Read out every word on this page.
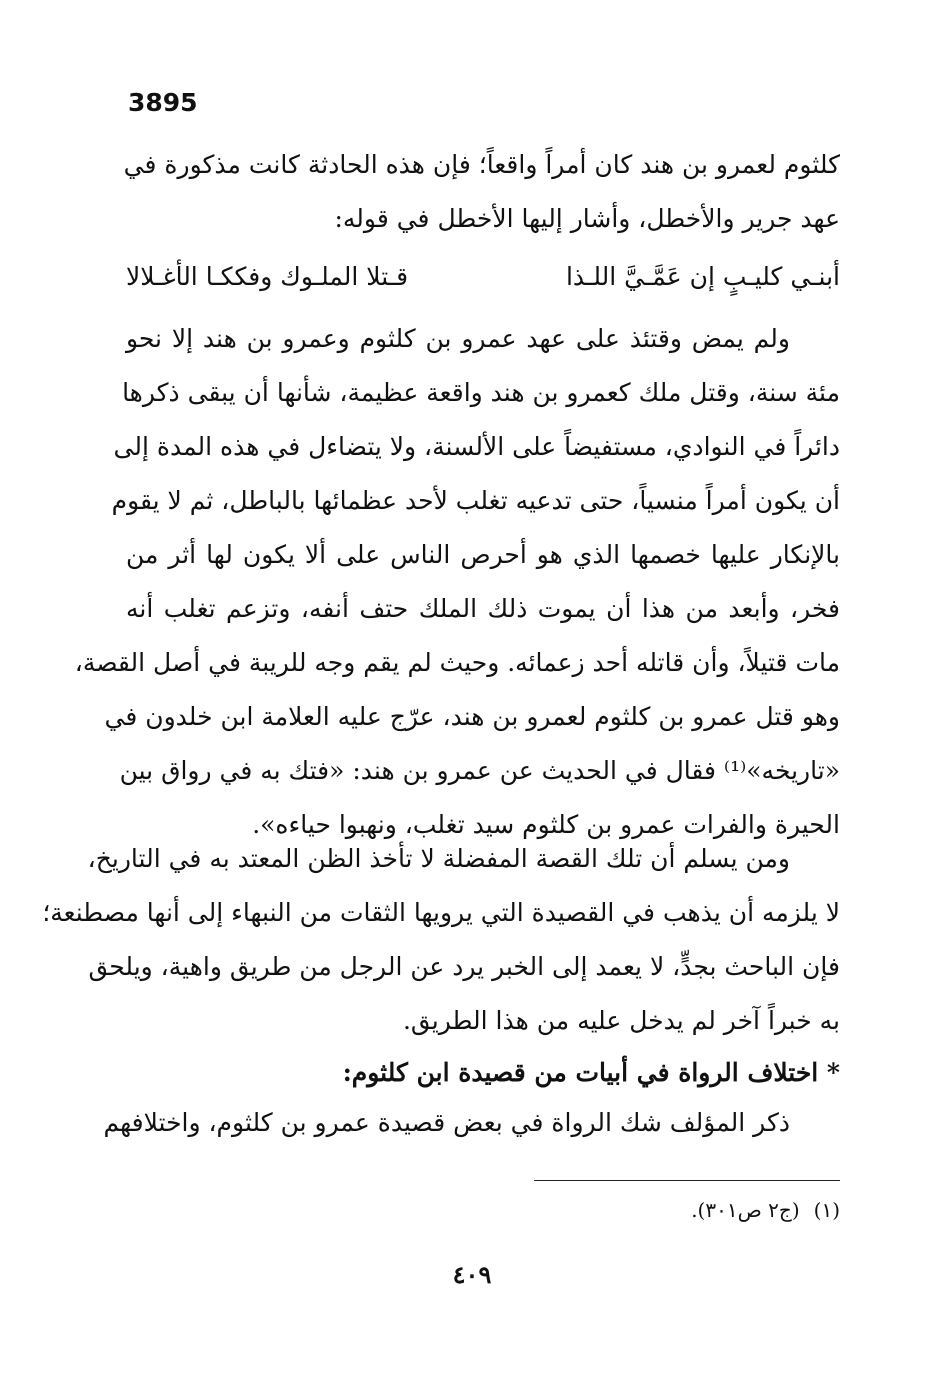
3895
كلثوم لعمرو بن هند كان أمراً واقعاً؛ فإن هذه الحادثة كانت مذكورة في
عهد جرير والأخطل، وأشار إليها الأخطل في قوله:
أبنـي كليـبٍ إن عَمَّـيَّ اللـذا
قـتلا الملـوك وفككـا الأغـلالا
ولم يمض وقتئذ على عهد عمرو بن كلثوم وعمرو بن هند إلا نحو
مئة سنة، وقتل ملك كعمرو بن هند واقعة عظيمة، شأنها أن يبقى ذكرها
دائراً في النوادي، مستفيضاً على الألسنة، ولا يتضاءل في هذه المدة إلى
أن يكون أمراً منسياً، حتى تدعيه تغلب لأحد عظمائها بالباطل، ثم لا يقوم
بالإنكار عليها خصمها الذي هو أحرص الناس على ألا يكون لها أثر من
فخر، وأبعد من هذا أن يموت ذلك الملك حتف أنفه، وتزعم تغلب أنه
مات قتيلاً، وأن قاتله أحد زعمائه. وحيث لم يقم وجه للريبة في أصل القصة،
وهو قتل عمرو بن كلثوم لعمرو بن هند، عرّج عليه العلامة ابن خلدون في
«تاريخه»⁽¹⁾ فقال في الحديث عن عمرو بن هند: «فتك به في رواق بين
الحيرة والفرات عمرو بن كلثوم سيد تغلب، ونهبوا حياءه».
ومن يسلم أن تلك القصة المفضلة لا تأخذ الظن المعتد به في التاريخ،
لا يلزمه أن يذهب في القصيدة التي يرويها الثقات من النبهاء إلى أنها مصطنعة؛
فإن الباحث بجدٍّ، لا يعمد إلى الخبر يرد عن الرجل من طريق واهية، ويلحق
به خبراً آخر لم يدخل عليه من هذا الطريق.
* اختلاف الرواة في أبيات من قصيدة ابن كلثوم:
ذكر المؤلف شك الرواة في بعض قصيدة عمرو بن كلثوم، واختلافهم
(١)(ج٢ ص٣٠١).
٤٠٩
